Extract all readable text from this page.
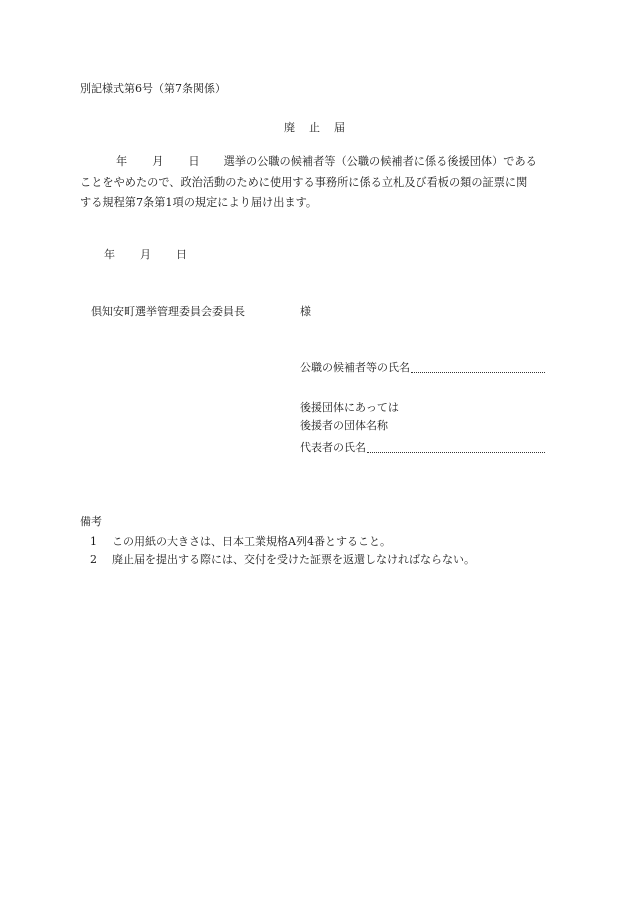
別記様式第6号（第7条関係）
廃 止 届
年 月 日 選挙の公職の候補者等（公職の候補者に係る後援団体）である
ことをやめたので、政治活動のために使用する事務所に係る立札及び看板の類の証票に関
する規程第7条第1項の規定により届け出ます。
年 月 日
倶知安町選挙管理委員会委員長	様
公職の候補者等の氏名
後援団体にあっては
後援者の団体名称
代表者の氏名
備考
1 この用紙の大きさは、日本工業規格A列4番とすること。
2 廃止届を提出する際には、交付を受けた証票を返還しなければならない。
